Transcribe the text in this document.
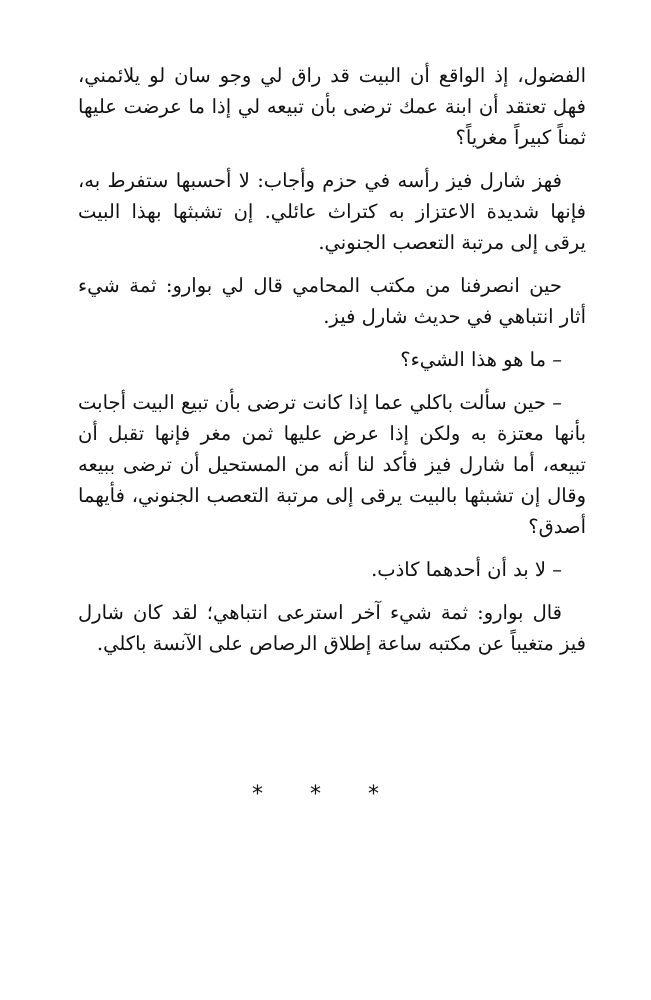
الفضول، إذ الواقع أن البيت قد راق لي وجو سان لو يلائمني، فهل تعتقد أن ابنة عمك ترضى بأن تبيعه لي إذا ما عرضت عليها ثمناً كبيراً مغرياً؟

فهز شارل فيز رأسه في حزم وأجاب: لا أحسبها ستفرط به، فإنها شديدة الاعتزاز به كتراث عائلي. إن تشبثها بهذا البيت يرقى إلى مرتبة التعصب الجنوني.

حين انصرفنا من مكتب المحامي قال لي بوارو: ثمة شيء أثار انتباهي في حديث شارل فيز.

– ما هو هذا الشيء؟

– حين سألت باكلي عما إذا كانت ترضى بأن تبيع البيت أجابت بأنها معتزة به ولكن إذا عرض عليها ثمن مغر فإنها تقبل أن تبيعه، أما شارل فيز فأكد لنا أنه من المستحيل أن ترضى ببيعه وقال إن تشبثها بالبيت يرقى إلى مرتبة التعصب الجنوني، فأيهما أصدق؟

– لا بد أن أحدهما كاذب.

قال بوارو: ثمة شيء آخر استرعى انتباهي؛ لقد كان شارل فيز متغيباً عن مكتبه ساعة إطلاق الرصاص على الآنسة باكلي.

* * *
